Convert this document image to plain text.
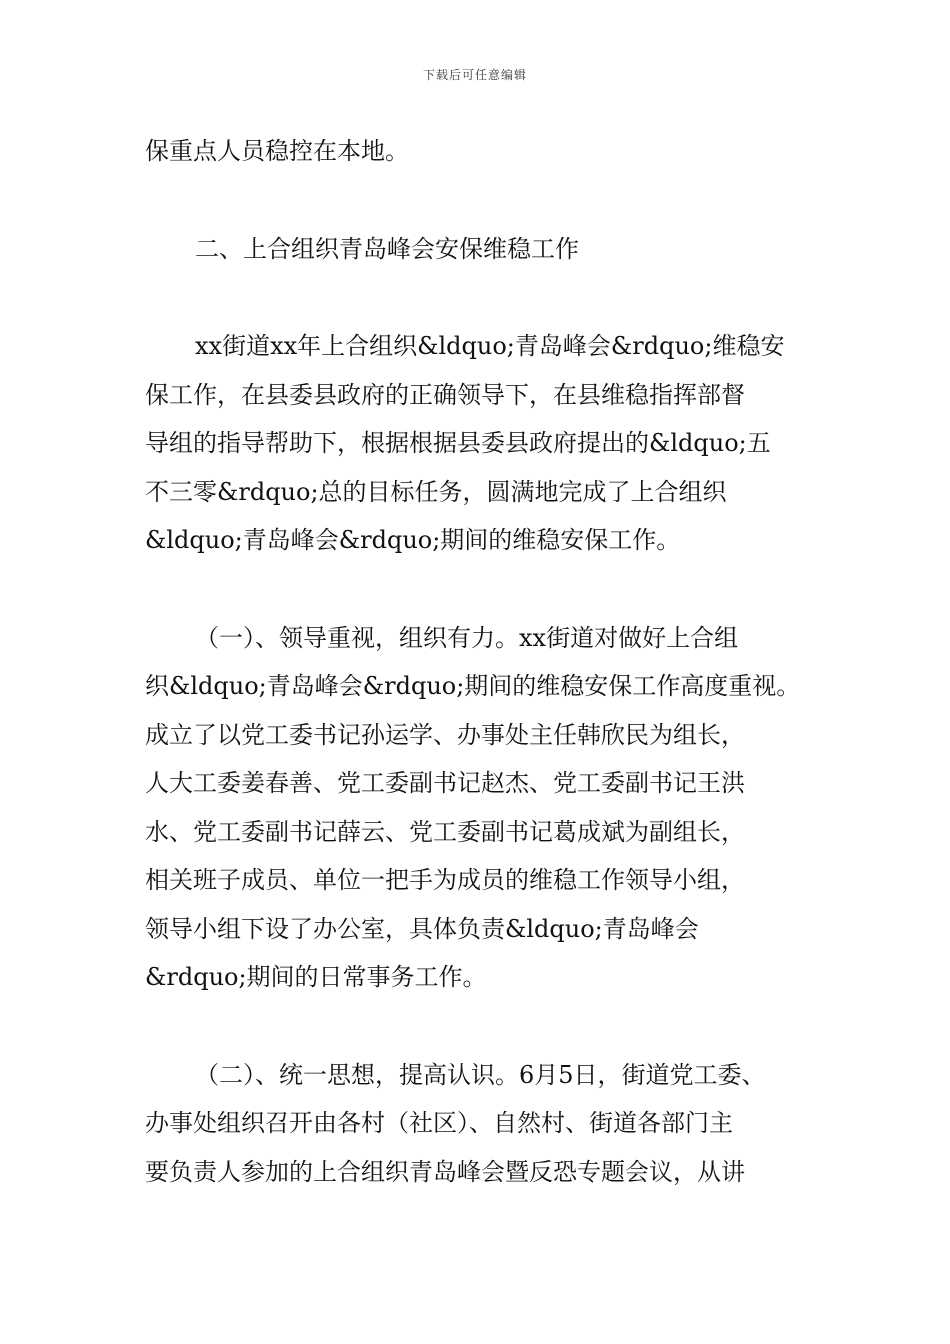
下载后可任意编辑

保重点人员稳控在本地。

二、上合组织青岛峰会安保维稳工作

xx街道xx年上合组织&ldquo;青岛峰会&rdquo;维稳安

保工作，在县委县政府的正确领导下，在县维稳指挥部督

导组的指导帮助下，根据根据县委县政府提出的&ldquo;五

不三零&rdquo;总的目标任务，圆满地完成了上合组织

&ldquo;青岛峰会&rdquo;期间的维稳安保工作。

（一）、领导重视，组织有力。xx街道对做好上合组

织&ldquo;青岛峰会&rdquo;期间的维稳安保工作高度重视。

成立了以党工委书记孙运学、办事处主任韩欣民为组长，

人大工委姜春善、党工委副书记赵杰、党工委副书记王洪

水、党工委副书记薛云、党工委副书记葛成斌为副组长，

相关班子成员、单位一把手为成员的维稳工作领导小组，

领导小组下设了办公室，具体负责&ldquo;青岛峰会

&rdquo;期间的日常事务工作。

（二）、统一思想，提高认识。6月5日，街道党工委、

办事处组织召开由各村（社区）、自然村、街道各部门主

要负责人参加的上合组织青岛峰会暨反恐专题会议，从讲
